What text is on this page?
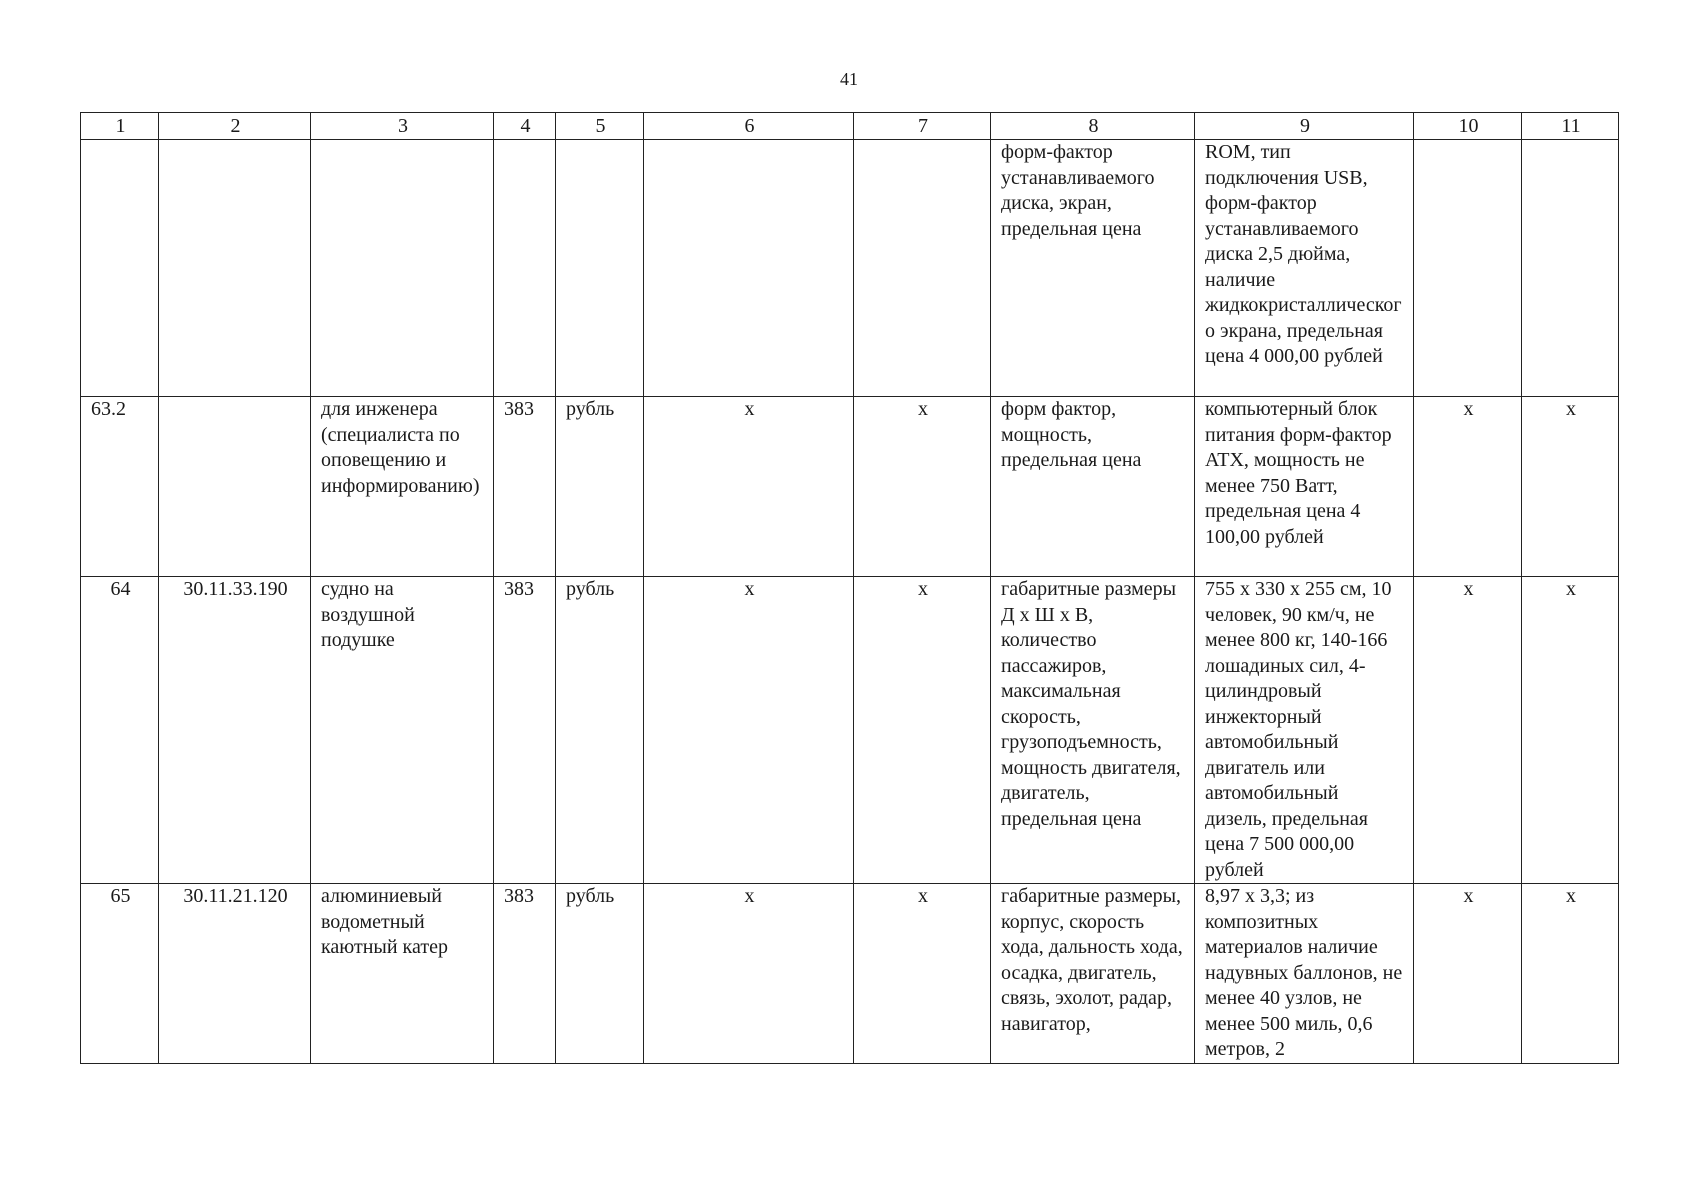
41
1	2	3	4	5	6	7	8	9	10	11
							форм-фактор устанавливаемого диска, экран, предельная цена	ROM, тип подключения USB, форм-фактор устанавливаемого диска 2,5 дюйма, наличие жидкокристаллического экрана, предельная цена 4 000,00 рублей		
63.2		для инженера (специалиста по оповещению и информированию)	383	рубль	x	x	форм фактор, мощность, предельная цена	компьютерный блок питания форм-фактор ATX, мощность не менее 750 Ватт, предельная цена 4 100,00 рублей	x	x
64	30.11.33.190	судно на воздушной подушке	383	рубль	x	x	габаритные размеры Д х Ш х В, количество пассажиров, максимальная скорость, грузоподъемность, мощность двигателя, двигатель, предельная цена	755 х 330 х 255 см, 10 человек, 90 км/ч, не менее 800 кг, 140-166 лошадиных сил, 4-цилиндровый инжекторный автомобильный двигатель или автомобильный дизель, предельная цена 7 500 000,00 рублей	x	x
65	30.11.21.120	алюминиевый водометный каютный катер	383	рубль	x	x	габаритные размеры, корпус, скорость хода, дальность хода, осадка, двигатель, связь, эхолот, радар, навигатор,	8,97 х 3,3; из композитных материалов наличие надувных баллонов, не менее 40 узлов, не менее 500 миль, 0,6 метров, 2	x	x
